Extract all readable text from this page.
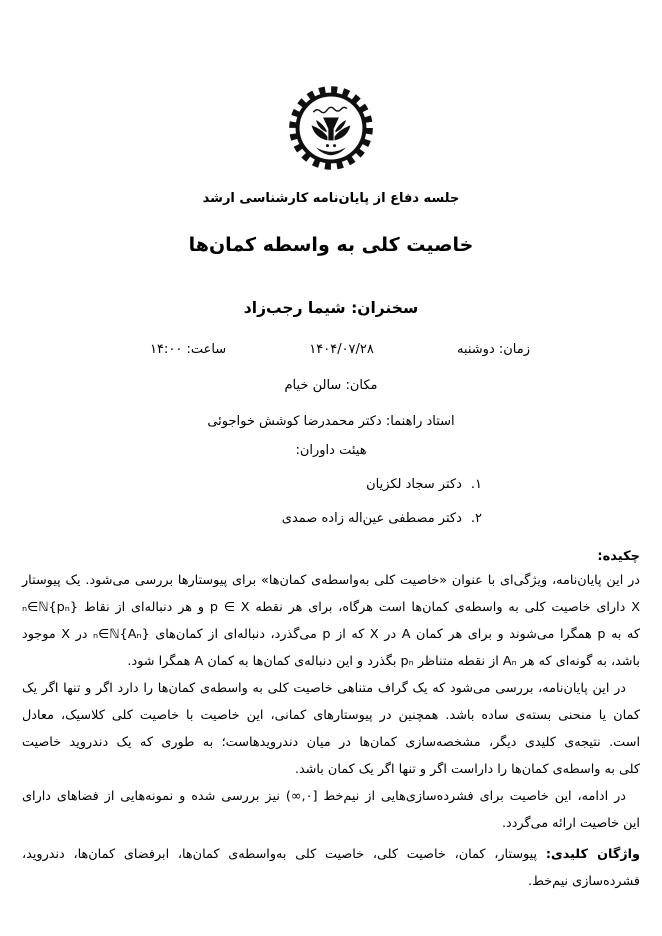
جلسه دفاع از پایان‌نامه کارشناسی ارشد
خاصیت کلی به واسطه کمان‌ها
سخنران: شیما رجب‌زاد
زمان: دوشنبه
۱۴۰۴/۰۷/۲۸
ساعت: ۱۴:۰۰
مکان: سالن خیام
استاد راهنما: دکتر محمدرضا کوشش خواجوئی
هیئت داوران:
۱.دکتر سجاد لکزیان
۲.دکتر مصطفی عین‌اله زاده صمدی
چکیده:
در این پایان‌نامه، ویژگی‌ای با عنوان «خاصیت کلی به‌واسطه‌ی کمان‌ها» برای پیوستارها بررسی می‌شود. یک پیوستار
X دارای خاصیت کلی به واسطه‌ی کمان‌ها است هرگاه، برای هر نقطه p ∈ X و هر دنباله‌ای از نقاط {pₙ}ₙ∈ℕ
که به p همگرا می‌شوند و برای هر کمان A در X که از p می‌گذرد، دنباله‌ای از کمان‌های {Aₙ}ₙ∈ℕ در X موجود
باشد، به گونه‌ای که هر Aₙ از نقطه متناظر pₙ بگذرد و این دنباله‌ی کمان‌ها به کمان A همگرا شود.
در این پایان‌نامه، بررسی می‌شود که یک گراف متناهی خاصیت کلی به واسطه‌ی کمان‌ها را دارد اگر و تنها اگر یک
کمان یا منحنی بسته‌ی ساده باشد. همچنین در پیوستارهای کمانی، این خاصیت با خاصیت کلی کلاسیک، معادل
است. نتیجه‌ی کلیدی دیگر، مشخصه‌سازی کمان‌ها در میان دندرویدهاست؛ به طوری که یک دندروید خاصیت
کلی به واسطه‌ی کمان‌ها را داراست اگر و تنها اگر یک کمان باشد.
در ادامه، این خاصیت برای فشرده‌سازی‌هایی از نیم‌خط [۰,∞) نیز بررسی شده و نمونه‌هایی از فضاهای دارای
این خاصیت ارائه می‌گردد.

واژگان کلیدی: پیوستار، کمان، خاصیت کلی، خاصیت کلی به‌واسطه‌ی کمان‌ها، ابرفضای کمان‌ها، دندروید، فشرده‌سازی نیم‌خط.
